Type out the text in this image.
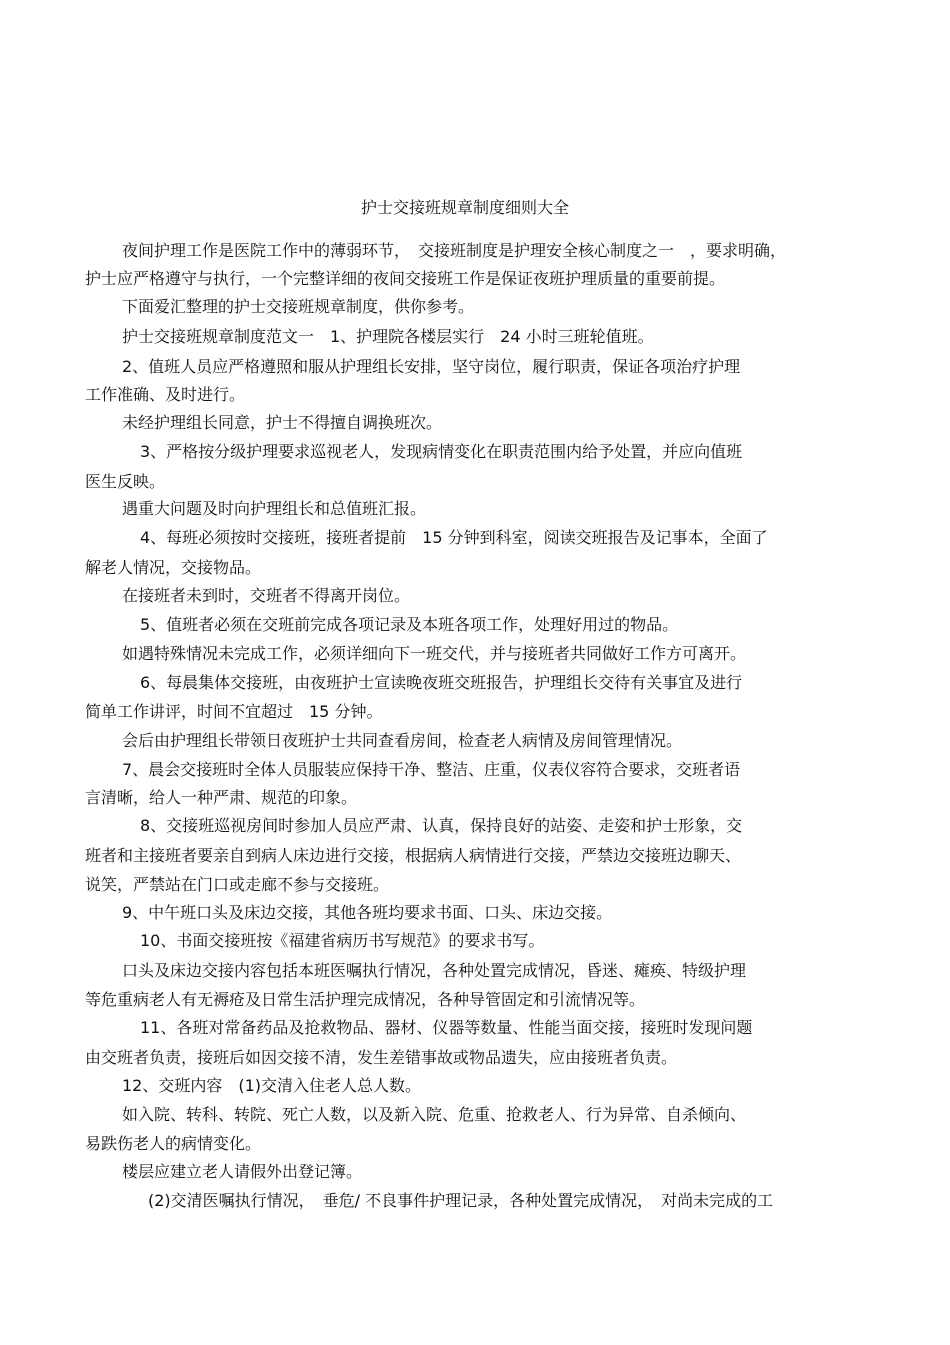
护士交接班规章制度细则大全
夜间护理工作是医院工作中的薄弱环节，　交接班制度是护理安全核心制度之一　，要求明确，
护士应严格遵守与执行，一个完整详细的夜间交接班工作是保证夜班护理质量的重要前提。
下面爱汇整理的护士交接班规章制度，供你参考。
护士交接班规章制度范文一　1、护理院各楼层实行　24 小时三班轮值班。
2、值班人员应严格遵照和服从护理组长安排，坚守岗位，履行职责，保证各项治疗护理
工作准确、及时进行。
未经护理组长同意，护士不得擅自调换班次。
3、严格按分级护理要求巡视老人，发现病情变化在职责范围内给予处置，并应向值班
医生反映。
遇重大问题及时向护理组长和总值班汇报。
4、每班必须按时交接班，接班者提前　15 分钟到科室，阅读交班报告及记事本，全面了
解老人情况，交接物品。
在接班者未到时，交班者不得离开岗位。
5、值班者必须在交班前完成各项记录及本班各项工作，处理好用过的物品。
如遇特殊情况未完成工作，必须详细向下一班交代，并与接班者共同做好工作方可离开。
6、每晨集体交接班，由夜班护士宣读晚夜班交班报告，护理组长交待有关事宜及进行
简单工作讲评，时间不宜超过　15 分钟。
会后由护理组长带领日夜班护士共同查看房间，检查老人病情及房间管理情况。
7、晨会交接班时全体人员服装应保持干净、整洁、庄重，仪表仪容符合要求，交班者语
言清晰，给人一种严肃、规范的印象。
8、交接班巡视房间时参加人员应严肃、认真，保持良好的站姿、走姿和护士形象，交
班者和主接班者要亲自到病人床边进行交接，根据病人病情进行交接，严禁边交接班边聊天、
说笑，严禁站在门口或走廊不参与交接班。
9、中午班口头及床边交接，其他各班均要求书面、口头、床边交接。
10、书面交接班按《福建省病历书写规范》的要求书写。
口头及床边交接内容包括本班医嘱执行情况，各种处置完成情况，昏迷、瘫痪、特级护理
等危重病老人有无褥疮及日常生活护理完成情况，各种导管固定和引流情况等。
11、各班对常备药品及抢救物品、器材、仪器等数量、性能当面交接，接班时发现问题
由交班者负责，接班后如因交接不清，发生差错事故或物品遗失，应由接班者负责。
12、交班内容　(1)交清入住老人总人数。
如入院、转科、转院、死亡人数，以及新入院、危重、抢救老人、行为异常、自杀倾向、
易跌伤老人的病情变化。
楼层应建立老人请假外出登记簿。
(2)交清医嘱执行情况，　垂危/ 不良事件护理记录，各种处置完成情况，　对尚未完成的工
